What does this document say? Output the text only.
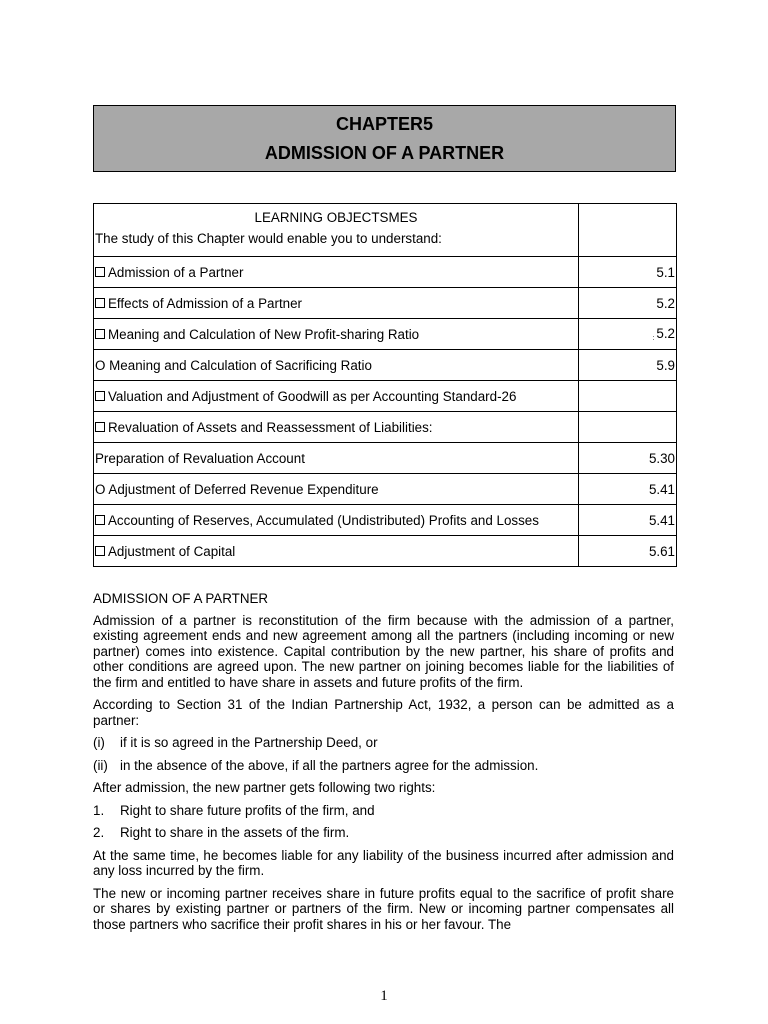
CHAPTER5
ADMISSION OF A PARTNER
LEARNING OBJECTSMES
The study of this Chapter would enable you to understand:	

Admission of a Partner	5.1
Effects of Admission of a Partner	5.2
Meaning and Calculation of New Profit-sharing Ratio	: 5.2
O Meaning and Calculation of Sacrificing Ratio	5.9
Valuation and Adjustment of Goodwill as per Accounting Standard-26	
Revaluation of Assets and Reassessment of Liabilities:	
Preparation of Revaluation Account	5.30
O Adjustment of Deferred Revenue Expenditure	5.41
Accounting of Reserves, Accumulated (Undistributed) Profits and Losses	5.41
Adjustment of Capital	5.61

ADMISSION OF A PARTNER

Admission of a partner is reconstitution of the firm because with the admission of a partner, existing agreement ends and new agreement among all the partners (including incoming or new partner) comes into existence. Capital contribution by the new partner, his share of profits and other conditions are agreed upon. The new partner on joining becomes liable for the liabilities of the firm and entitled to have share in assets and future profits of the firm.

According to Section 31 of the Indian Partnership Act, 1932, a person can be admitted as a partner:

(i)	if it is so agreed in the Partnership Deed, or
(ii) in the absence of the above, if all the partners agree for the admission.

After admission, the new partner gets following two rights:

1.	Right to share future profits of the firm, and
2.	Right to share in the assets of the firm.

At the same time, he becomes liable for any liability of the business incurred after admission and any loss incurred by the firm.

The new or incoming partner receives share in future profits equal to the sacrifice of profit share or shares by existing partner or partners of the firm. New or incoming partner compensates all those partners who sacrifice their profit shares in his or her favour. The

1
